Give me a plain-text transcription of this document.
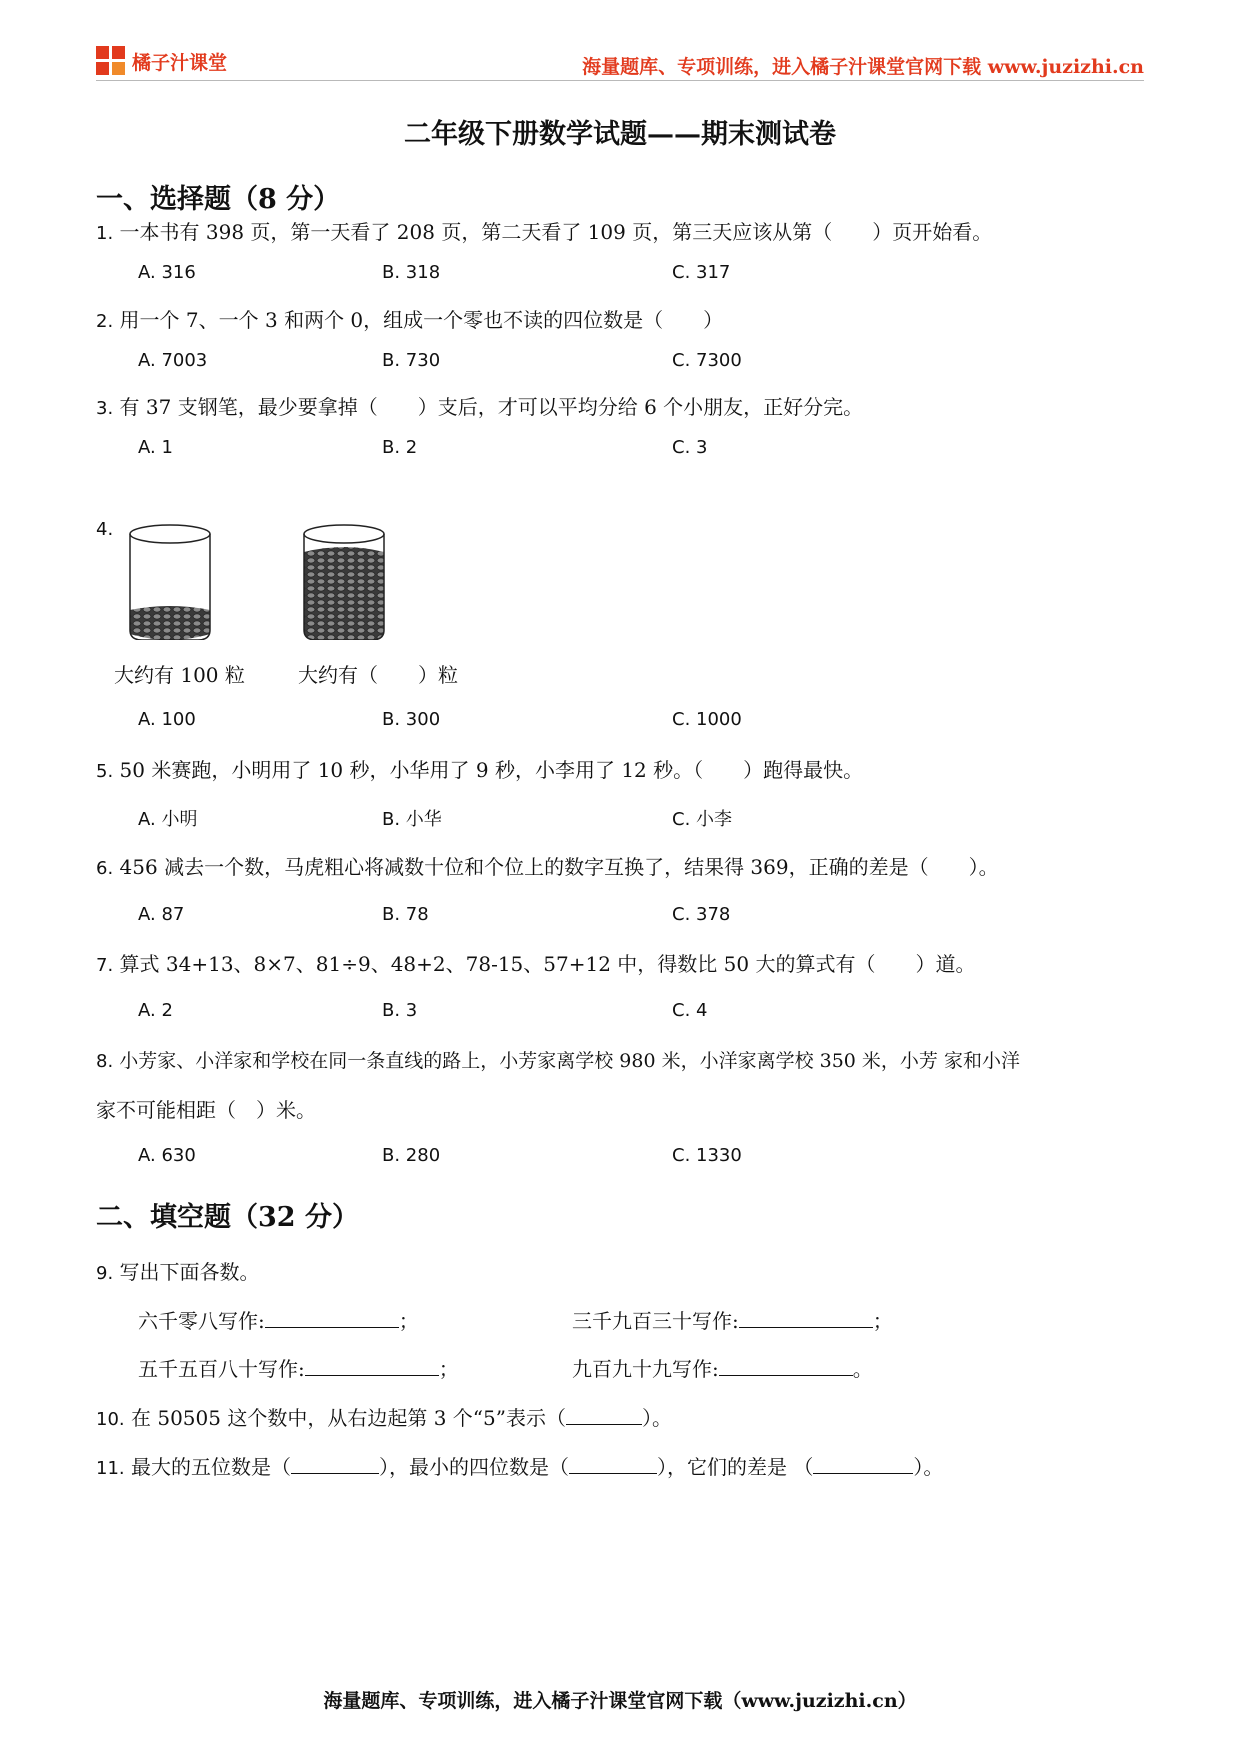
橘子汁课堂	海量题库、专项训练，进入橘子汁课堂官网下载 www.juzizhi.cn
二年级下册数学试题——期末测试卷
一、选择题（8 分）
1. 一本书有 398 页，第一天看了 208 页，第二天看了 109 页，第三天应该从第（　　）页开始看。
A. 316	B. 318	C. 317
2. 用一个 7、一个 3 和两个 0，组成一个零也不读的四位数是（　　）
A. 7003	B. 730	C. 7300
3. 有 37 支钢笔，最少要拿掉（　　）支后，才可以平均分给 6 个小朋友，正好分完。
A. 1	B. 2	C. 3
4.
大约有 100 粒	大约有（　　）粒
A. 100	B. 300	C. 1000
5. 50 米赛跑，小明用了 10 秒，小华用了 9 秒，小李用了 12 秒。（　　）跑得最快。
A. 小明	B. 小华	C. 小李
6. 456 减去一个数，马虎粗心将减数十位和个位上的数字互换了，结果得 369，正确的差是（　　）。
A. 87	B. 78	C. 378
7. 算式 34+13、8×7、81÷9、48+2、78-15、57+12 中，得数比 50 大的算式有（　　）道。
A. 2	B. 3	C. 4
8. 小芳家、小洋家和学校在同一条直线的路上，小芳家离学校 980 米，小洋家离学校 350 米，小芳 家和小洋
家不可能相距（　）米。
A. 630	B. 280	C. 1330
二、填空题（32 分）
9. 写出下面各数。
六千零八写作:	；	三千九百三十写作:	；
五千五百八十写作:	；	九百九十九写作:	。
10. 在 50505 这个数中，从右边起第 3 个“5”表示（	）。
11. 最大的五位数是（	），最小的四位数是（	），它们的差是 （	）。
海量题库、专项训练，进入橘子汁课堂官网下载（www.juzizhi.cn）
